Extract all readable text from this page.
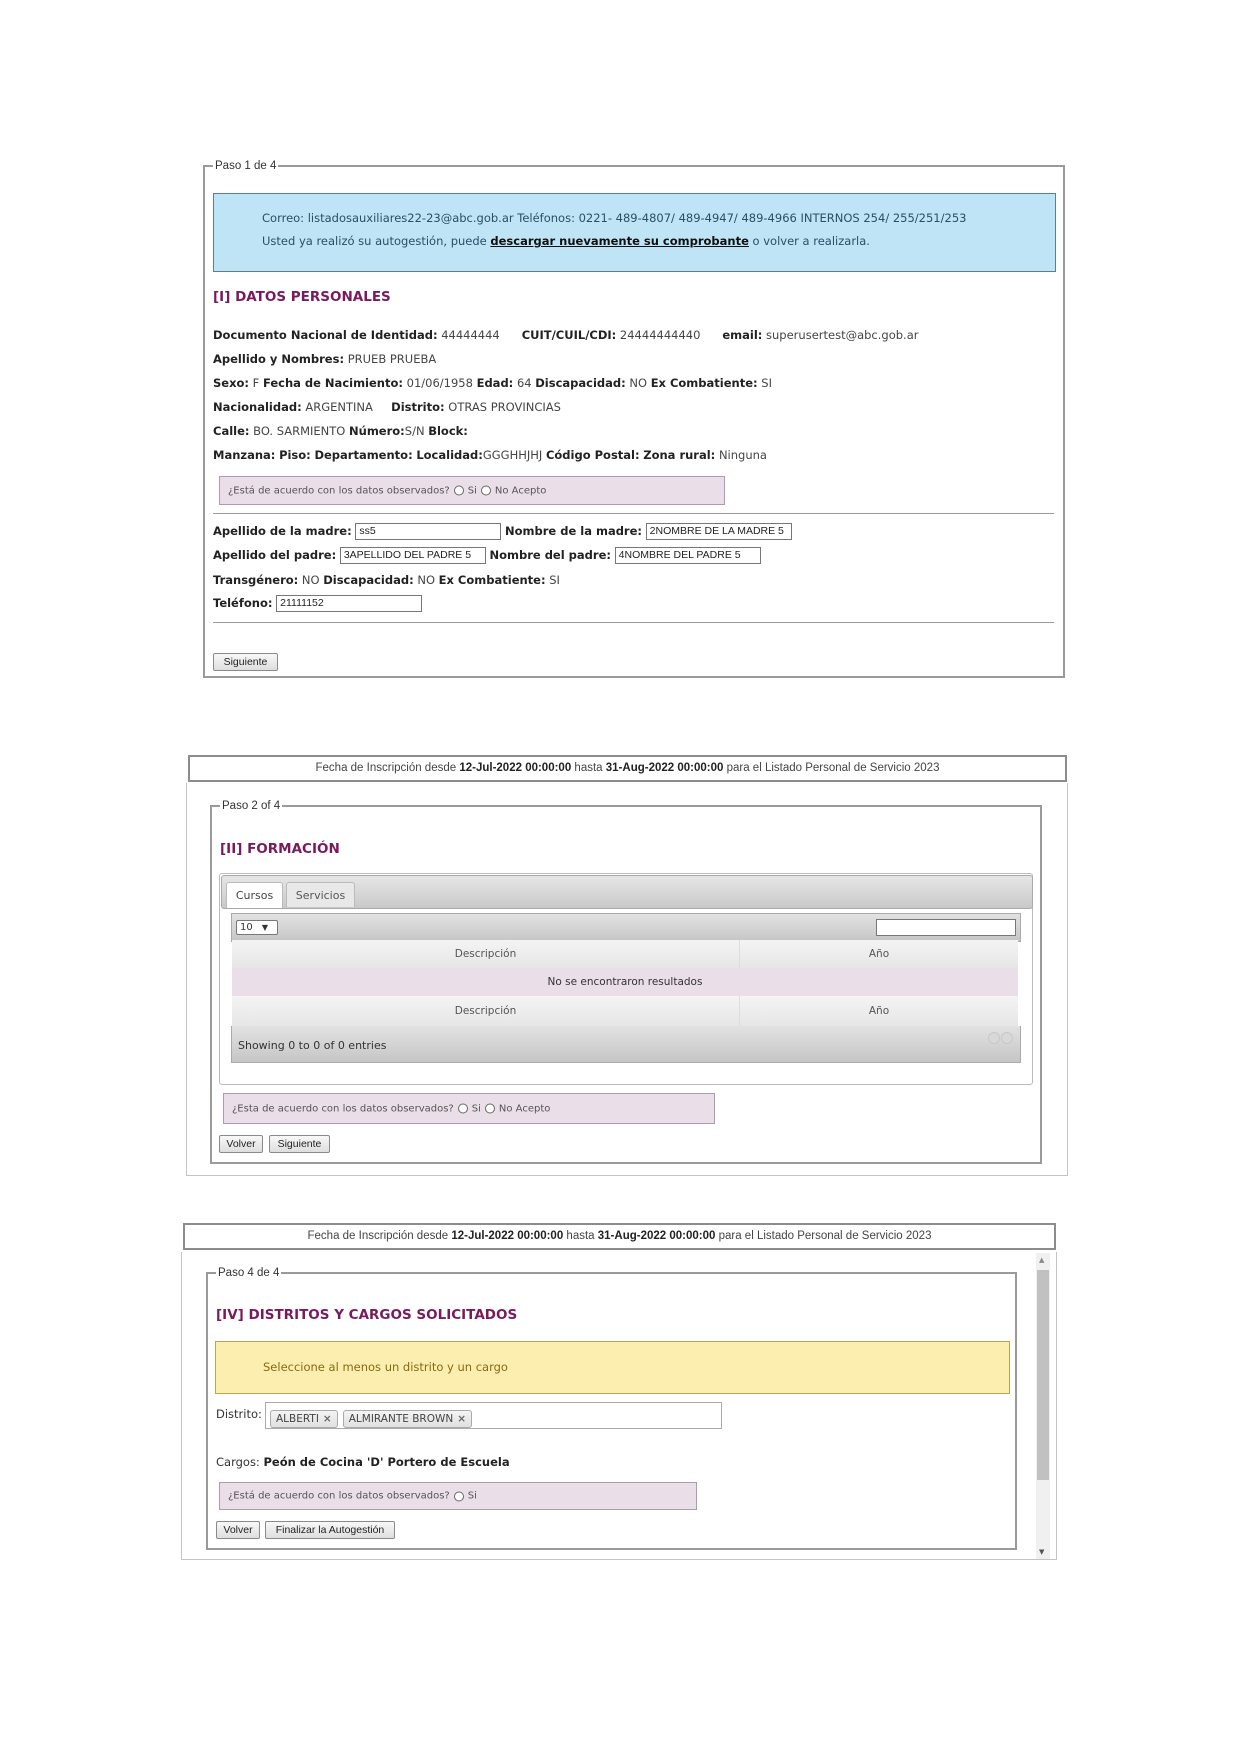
Paso 1 de 4
Correo: listadosauxiliares22-23@abc.gob.ar Teléfonos: 0221- 489-4807/ 489-4947/ 489-4966 INTERNOS 254/ 255/251/253
Usted ya realizó su autogestión, puede descargar nuevamente su comprobante o volver a realizarla.
[I] DATOS PERSONALES
Documento Nacional de Identidad: 44444444 CUIT/CUIL/CDI: 24444444440 email: superusertest@abc.gob.ar
Apellido y Nombres: PRUEB PRUEBA
Sexo: F Fecha de Nacimiento: 01/06/1958 Edad: 64 Discapacidad: NO Ex Combatiente: SI
Nacionalidad: ARGENTINA Distrito: OTRAS PROVINCIAS
Calle: BO. SARMIENTO Número:S/N Block:
Manzana: Piso: Departamento: Localidad:GGGHHJHJ Código Postal: Zona rural: Ninguna
¿Está de acuerdo con los datos observados? Si No Acepto
Apellido de la madre: ss5	Nombre de la madre: 2NOMBRE DE LA MADRE 5
Apellido del padre: 3APELLIDO DEL PADRE 5 Nombre del padre: 4NOMBRE DEL PADRE 5
Transgénero: NO Discapacidad: NO Ex Combatiente: SI
Teléfono: 21111152
Siguiente
Fecha de Inscripción desde 12-Jul-2022 00:00:00 hasta 31-Aug-2022 00:00:00 para el Listado Personal de Servicio 2023
Paso 2 of 4
[II] FORMACIÓN
Cursos	Servicios
10 ▼
Descripción	Año
No se encontraron resultados
Descripción	Año
Showing 0 to 0 of 0 entries
¿Esta de acuerdo con los datos observados? Si No Acepto
Volver	Siguiente
Fecha de Inscripción desde 12-Jul-2022 00:00:00 hasta 31-Aug-2022 00:00:00 para el Listado Personal de Servicio 2023
▲
▼
Paso 4 de 4
[IV] DISTRITOS Y CARGOS SOLICITADOS
Seleccione al menos un distrito y un cargo
Distrito:	ALBERTI × ALMIRANTE BROWN ×
Cargos: Peón de Cocina 'D' Portero de Escuela
¿Está de acuerdo con los datos observados? Si
Volver	Finalizar la Autogestión
